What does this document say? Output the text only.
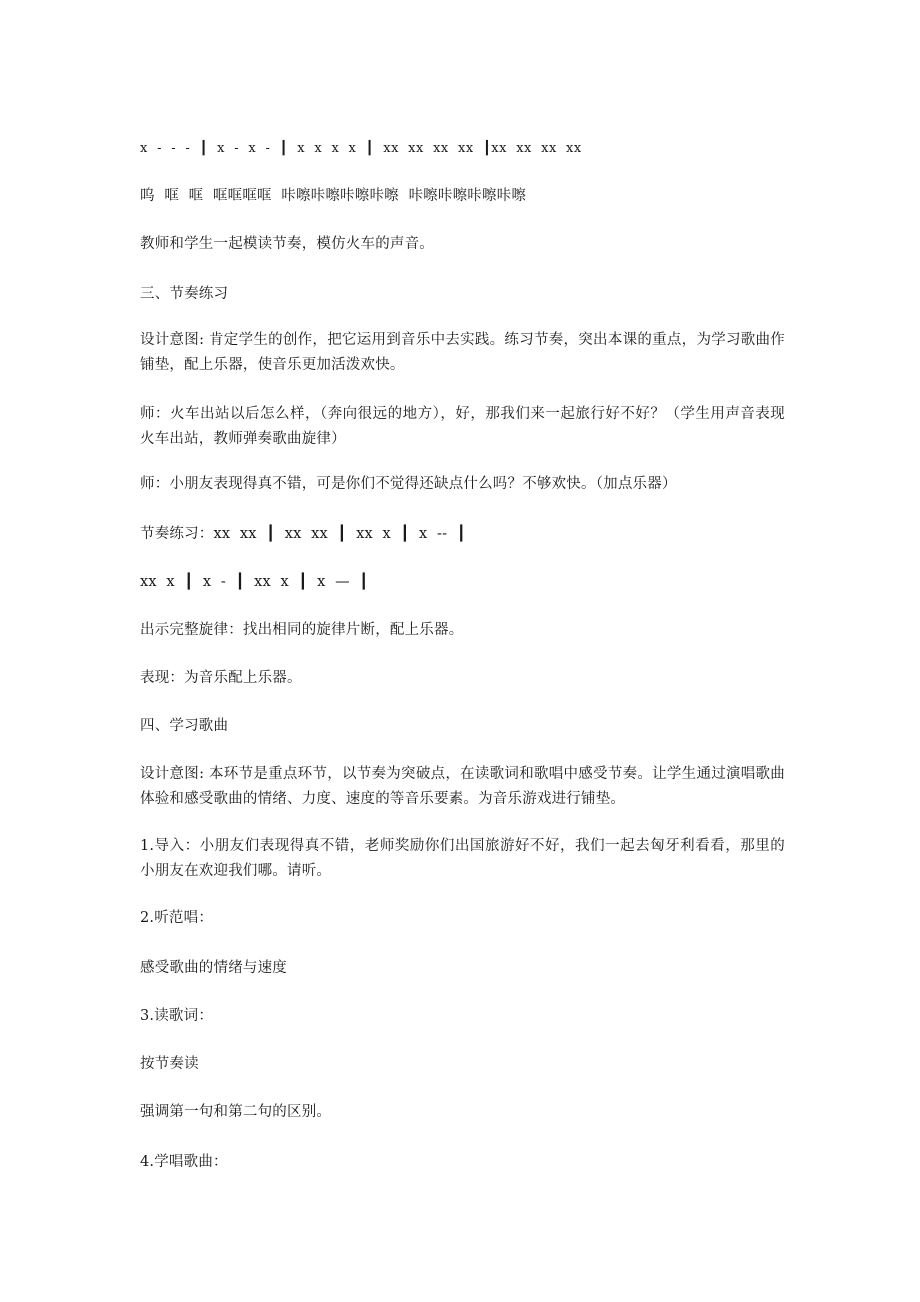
x  -  -  -  ┃  x  -  x  -  ┃  x  x  x  x  ┃  xx  xx  xx  xx  ┃xx  xx  xx  xx
呜  哐  哐  哐哐哐哐  咔嚓咔嚓咔嚓咔嚓  咔嚓咔嚓咔嚓咔嚓
教师和学生一起模读节奏，模仿火车的声音。
三、节奏练习
设计意图: 肯定学生的创作，把它运用到音乐中去实践。练习节奏，突出本课的重点，为学习歌曲作铺垫，配上乐器，使音乐更加活泼欢快。
师：火车出站以后怎么样，（奔向很远的地方），好，那我们来一起旅行好不好？（学生用声音表现火车出站，教师弹奏歌曲旋律）
师：小朋友表现得真不错，可是你们不觉得还缺点什么吗？不够欢快。（加点乐器）
节奏练习：xx  xx  ┃  xx  xx  ┃  xx  x  ┃  x  --  ┃
xx  x  ┃  x  -  ┃  xx  x  ┃  x  —  ┃
出示完整旋律：找出相同的旋律片断，配上乐器。
表现：为音乐配上乐器。
四、学习歌曲
设计意图: 本环节是重点环节，以节奏为突破点，在读歌词和歌唱中感受节奏。让学生通过演唱歌曲体验和感受歌曲的情绪、力度、速度的等音乐要素。为音乐游戏进行铺垫。
1.导入：小朋友们表现得真不错，老师奖励你们出国旅游好不好，我们一起去匈牙利看看，那里的小朋友在欢迎我们哪。请听。
2.听范唱：
感受歌曲的情绪与速度
3.读歌词：
按节奏读
强调第一句和第二句的区别。
4.学唱歌曲：
